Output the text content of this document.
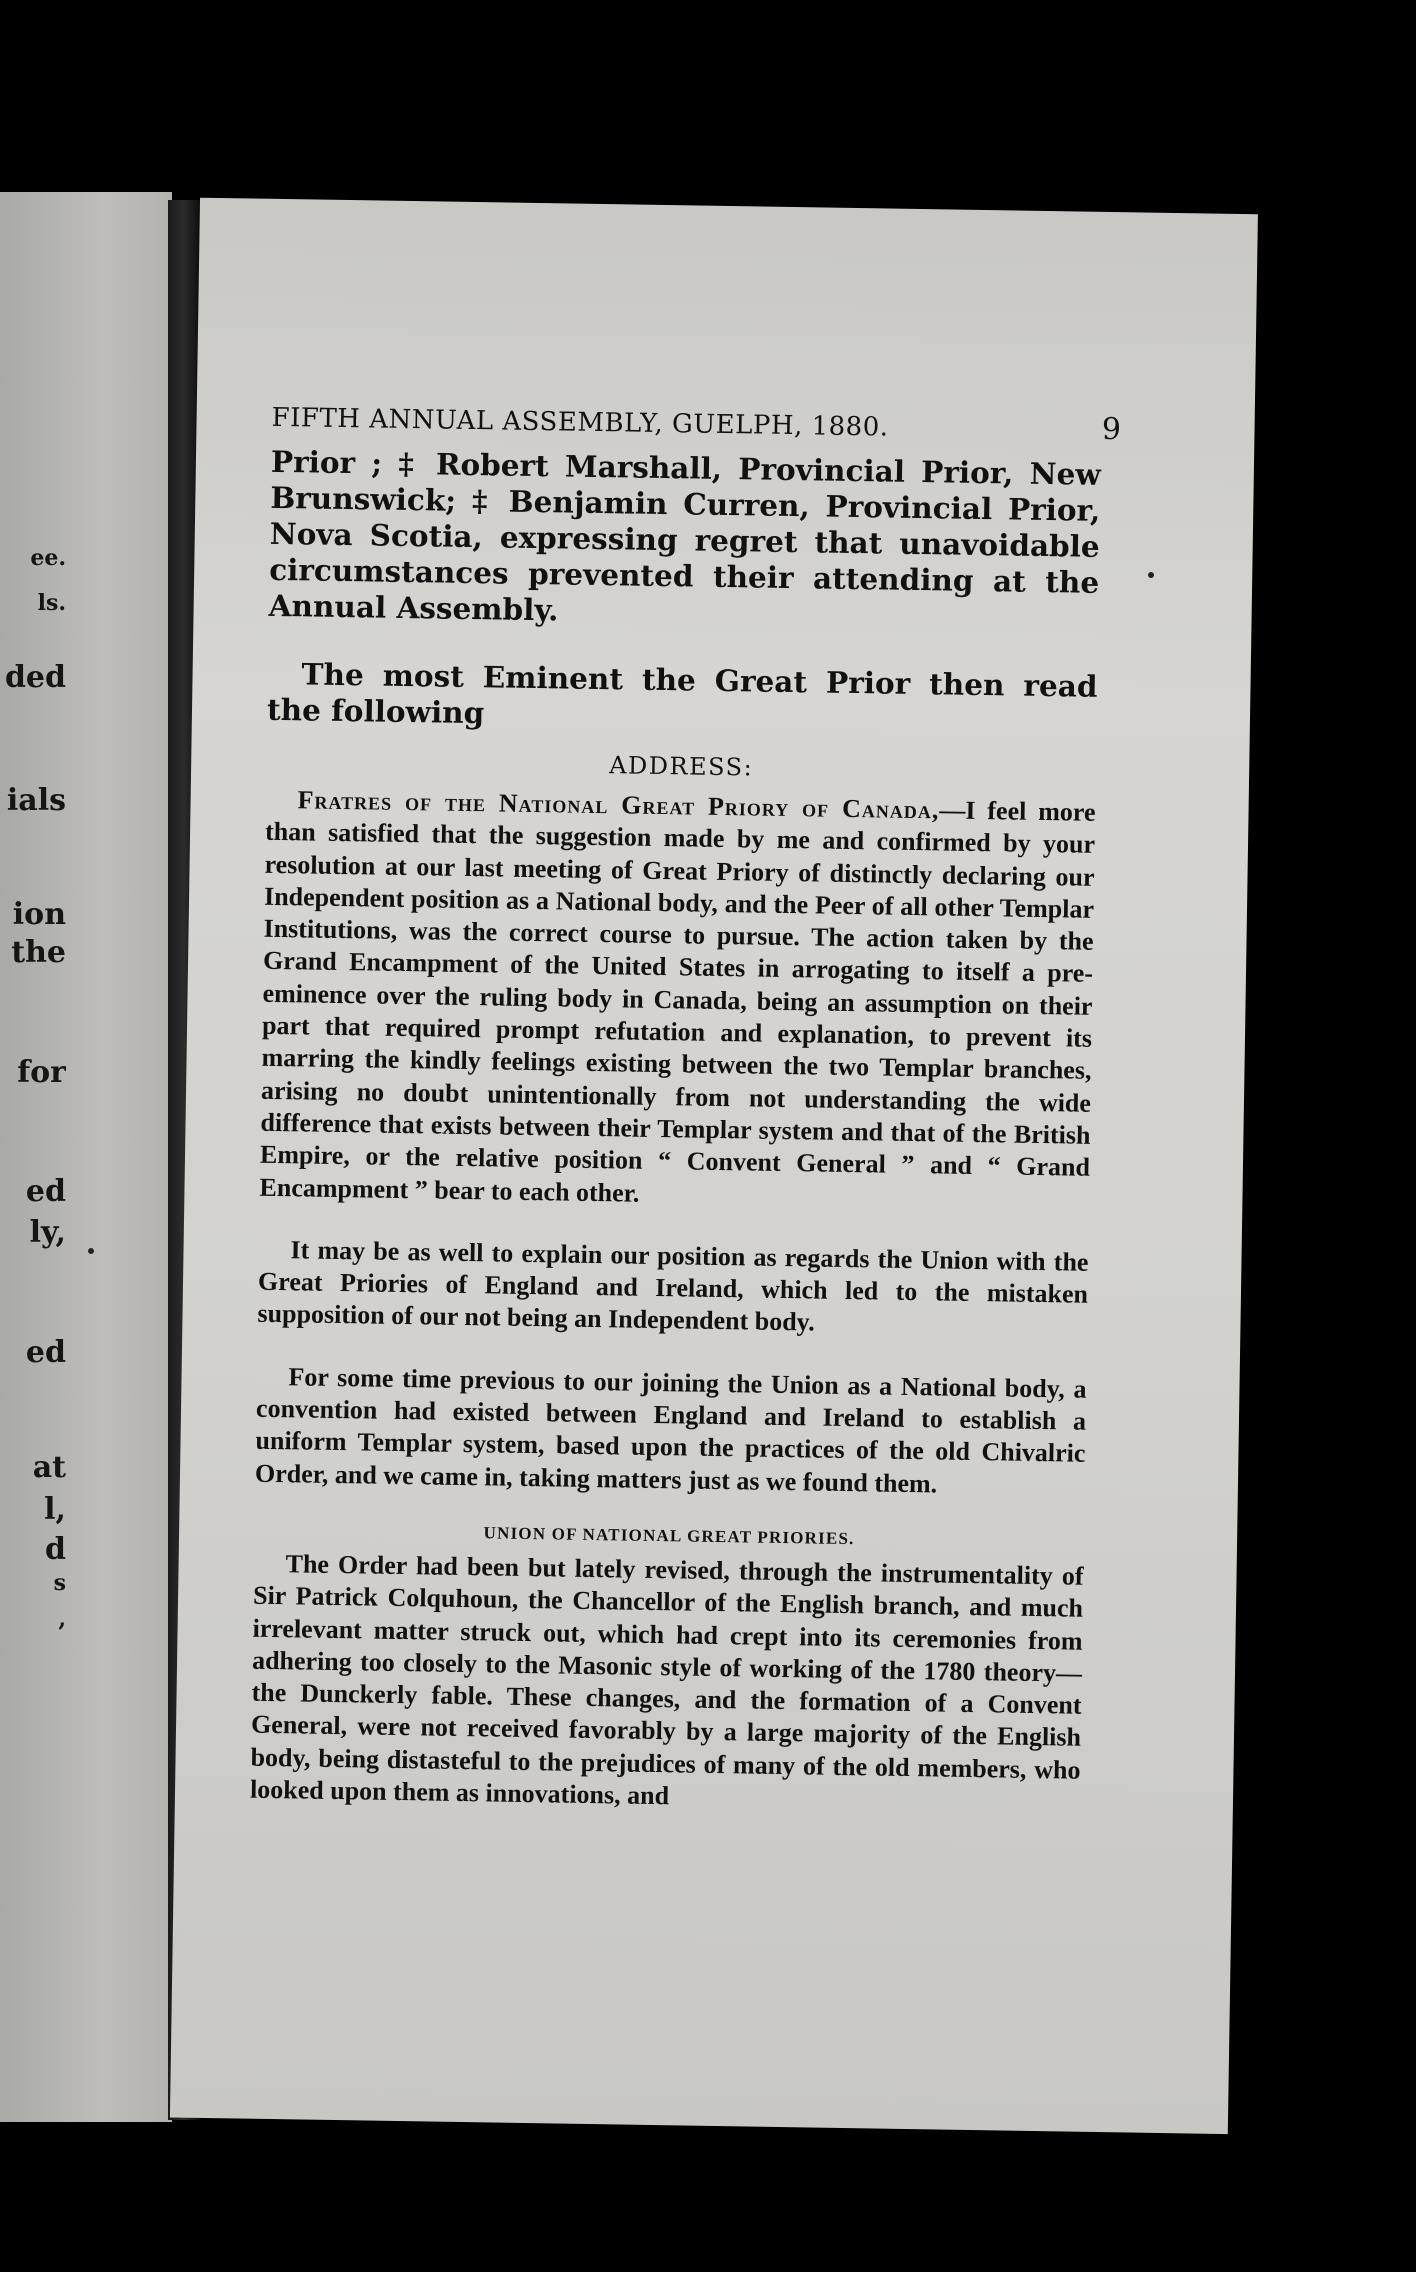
ee.
ls.
ded
ials
ion
the
for
ed
ly,
ed
at
l,
d
s
,
FIFTH ANNUAL ASSEMBLY, GUELPH, 1880.	9

Prior ; ‡ Robert Marshall, Provincial Prior, New Brunswick; ‡ Benjamin Curren, Provincial Prior, Nova Scotia, expressing regret that unavoidable circumstances prevented their attending at the Annual Assembly.

The most Eminent the Great Prior then read the following

ADDRESS:

Fratres of the National Great Priory of Canada,—I feel more than satisfied that the suggestion made by me and confirmed by your resolution at our last meeting of Great Priory of distinctly declaring our Independent position as a National body, and the Peer of all other Templar Institutions, was the correct course to pursue. The action taken by the Grand Encampment of the United States in arrogating to itself a pre-eminence over the ruling body in Canada, being an assumption on their part that required prompt refutation and explanation, to prevent its marring the kindly feelings existing between the two Templar branches, arising no doubt unintentionally from not understanding the wide difference that exists between their Templar system and that of the British Empire, or the relative position “ Convent General ” and “ Grand Encampment ” bear to each other.

It may be as well to explain our position as regards the Union with the Great Priories of England and Ireland, which led to the mistaken supposition of our not being an Independent body.

For some time previous to our joining the Union as a National body, a convention had existed between England and Ireland to establish a uniform Templar system, based upon the practices of the old Chivalric Order, and we came in, taking matters just as we found them.

UNION OF NATIONAL GREAT PRIORIES.

The Order had been but lately revised, through the instrumentality of Sir Patrick Colquhoun, the Chancellor of the English branch, and much irrelevant matter struck out, which had crept into its ceremonies from adhering too closely to the Masonic style of working of the 1780 theory—the Dunckerly fable. These changes, and the formation of a Convent General, were not received favorably by a large majority of the English body, being distasteful to the prejudices of many of the old members, who looked upon them as innovations, and
